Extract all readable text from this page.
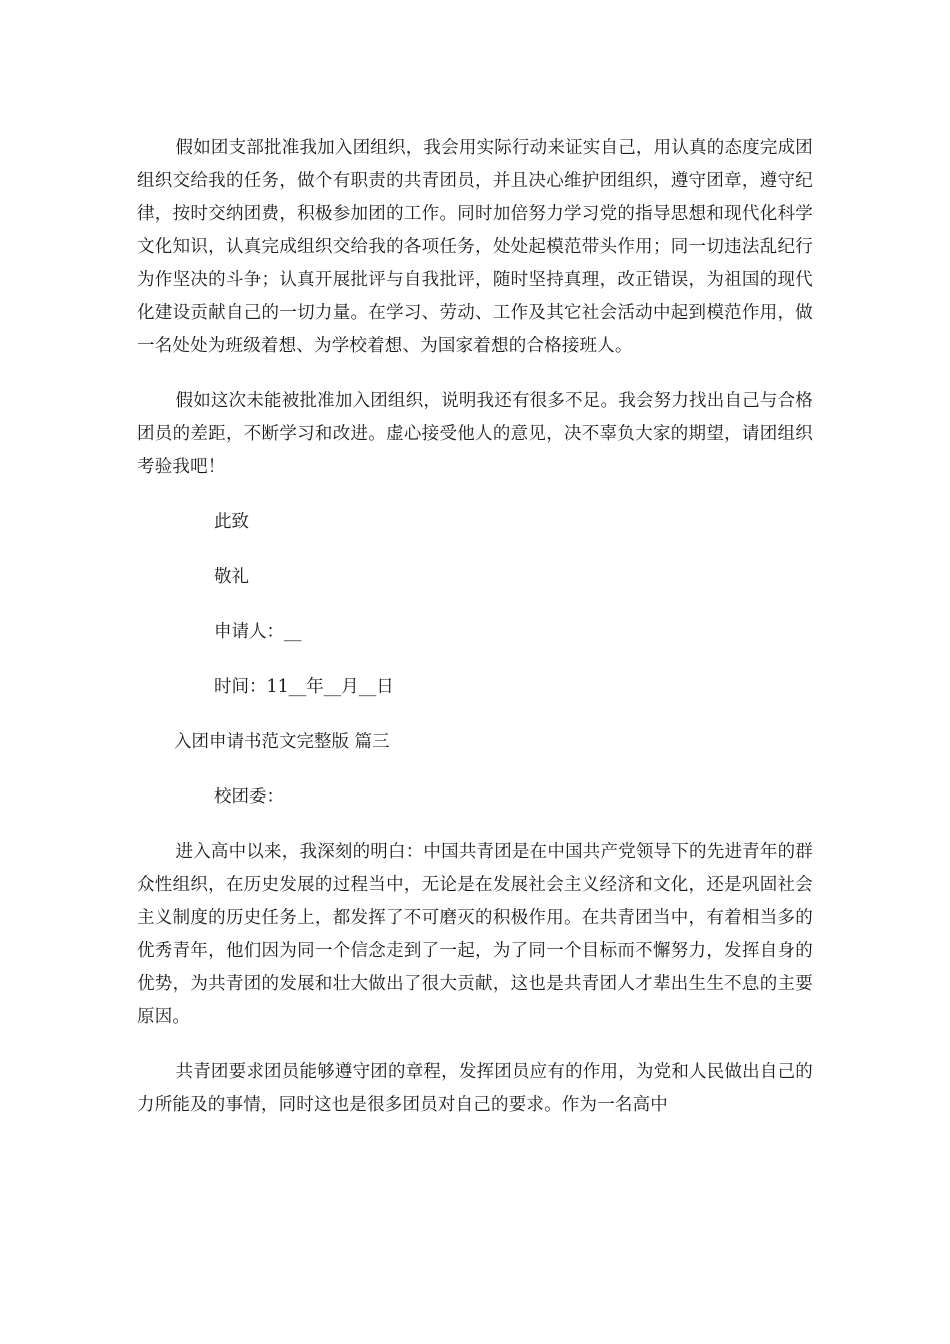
假如团支部批准我加入团组织，我会用实际行动来证实自己，用认真的态度完成团组织交给我的任务，做个有职责的共青团员，并且决心维护团组织，遵守团章，遵守纪律，按时交纳团费，积极参加团的工作。同时加倍努力学习党的指导思想和现代化科学文化知识，认真完成组织交给我的各项任务，处处起模范带头作用；同一切违法乱纪行为作坚决的斗争；认真开展批评与自我批评，随时坚持真理，改正错误，为祖国的现代化建设贡献自己的一切力量。在学习、劳动、工作及其它社会活动中起到模范作用，做一名处处为班级着想、为学校着想、为国家着想的合格接班人。

假如这次未能被批准加入团组织，说明我还有很多不足。我会努力找出自己与合格团员的差距，不断学习和改进。虚心接受他人的意见，决不辜负大家的期望，请团组织考验我吧！

此致

敬礼

申请人：__

时间：11__年__月__日

入团申请书范文完整版 篇三

校团委：

进入高中以来，我深刻的明白：中国共青团是在中国共产党领导下的先进青年的群众性组织，在历史发展的过程当中，无论是在发展社会主义经济和文化，还是巩固社会主义制度的历史任务上，都发挥了不可磨灭的积极作用。在共青团当中，有着相当多的优秀青年，他们因为同一个信念走到了一起，为了同一个目标而不懈努力，发挥自身的优势，为共青团的发展和壮大做出了很大贡献，这也是共青团人才辈出生生不息的主要原因。

共青团要求团员能够遵守团的章程，发挥团员应有的作用，为党和人民做出自己的力所能及的事情，同时这也是很多团员对自己的要求。作为一名高中
